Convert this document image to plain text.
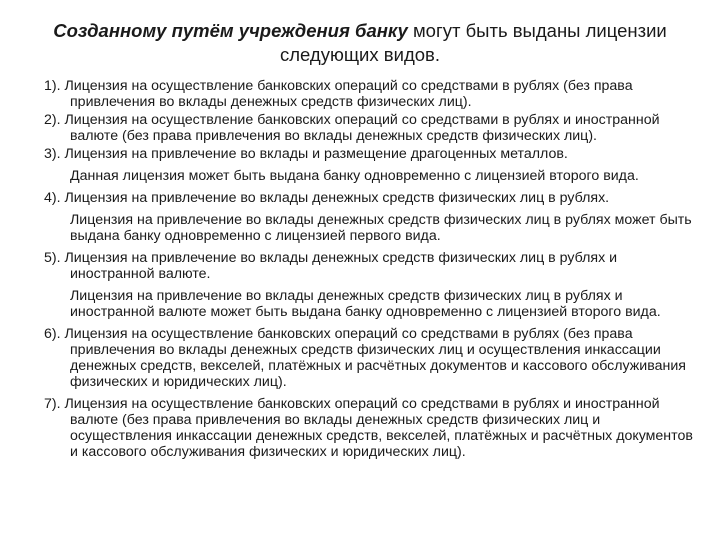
Созданному путём учреждения банку могут быть выданы лицензии следующих видов.

1). Лицензия на осуществление банковских операций со средствами в рублях (без права привлечения во вклады денежных средств физических лиц).

2). Лицензия на осуществление банковских операций со средствами в рублях и иностранной валюте (без права привлечения во вклады денежных средств физических лиц).

3). Лицензия на привлечение во вклады и размещение драгоценных металлов.

Данная лицензия может быть выдана банку одновременно с лицензией второго вида.

4). Лицензия на привлечение во вклады денежных средств физических лиц в рублях.

Лицензия на привлечение во вклады денежных средств физических лиц в рублях может быть выдана банку одновременно с лицензией первого вида.

5). Лицензия на привлечение во вклады денежных средств физических лиц в рублях и иностранной валюте.

Лицензия на привлечение во вклады денежных средств физических лиц в рублях и иностранной валюте может быть выдана банку одновременно с лицензией второго вида.

6). Лицензия на осуществление банковских операций со средствами в рублях (без права привлечения во вклады денежных средств физических лиц и осуществления инкассации денежных средств, векселей, платёжных и расчётных документов и кассового обслуживания физических и юридических лиц).

7). Лицензия на осуществление банковских операций со средствами в рублях и иностранной валюте (без права привлечения во вклады денежных средств физических лиц и осуществления инкассации денежных средств, векселей, платёжных и расчётных документов и кассового обслуживания физических и юридических лиц).
